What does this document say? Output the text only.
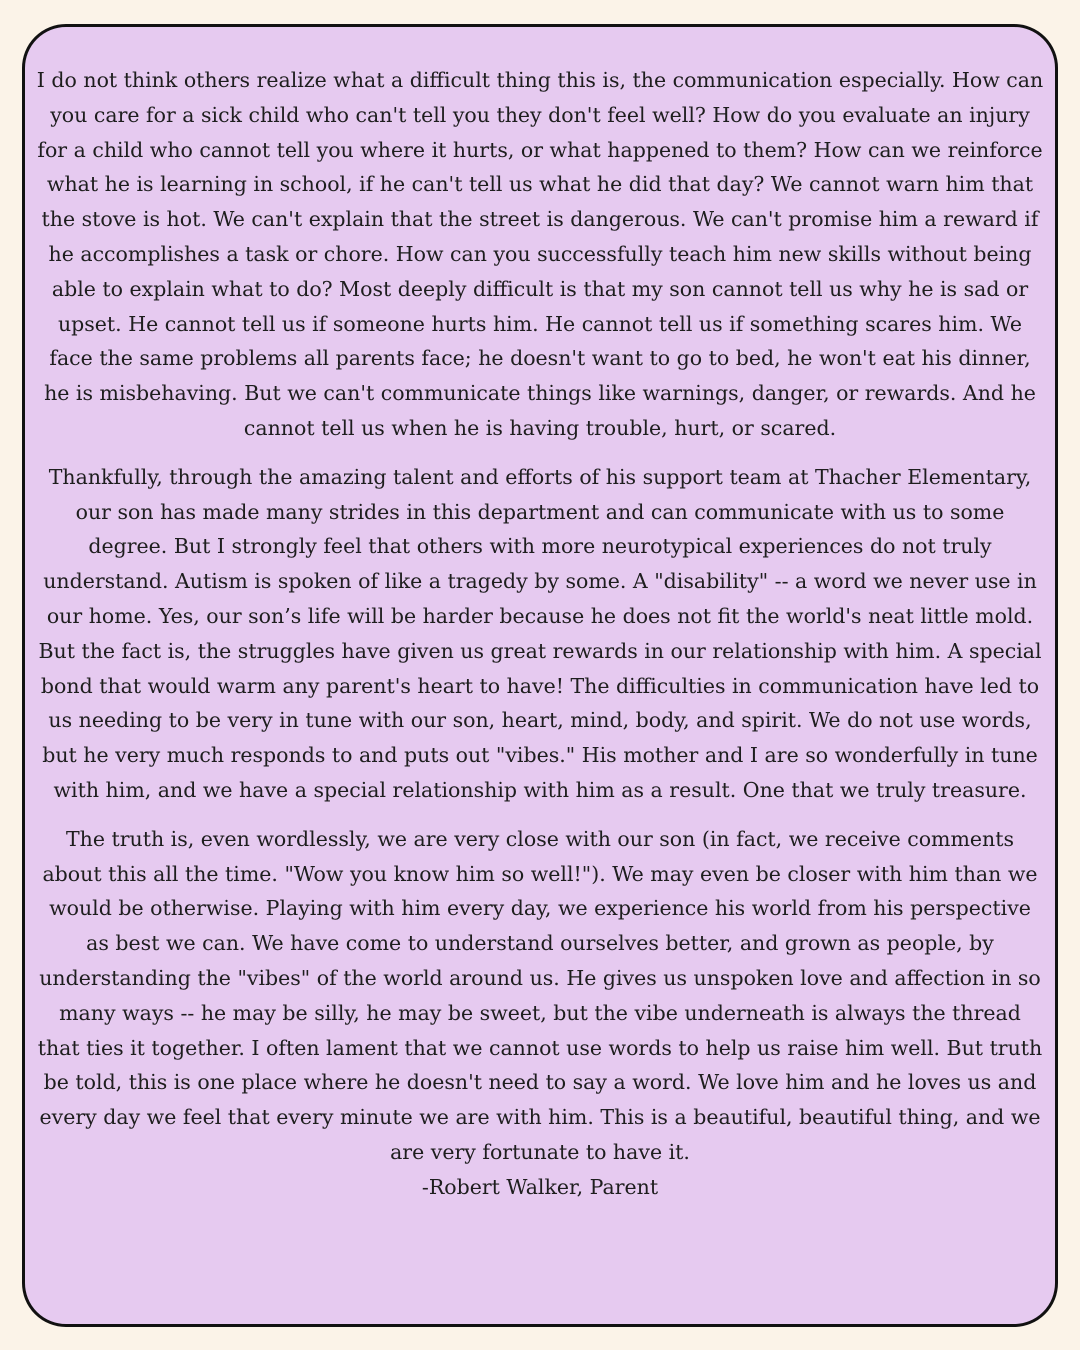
I do not think others realize what a difficult thing this is, the communication especially. How can you care for a sick child who can't tell you they don't feel well? How do you evaluate an injury for a child who cannot tell you where it hurts, or what happened to them? How can we reinforce what he is learning in school, if he can't tell us what he did that day? We cannot warn him that the stove is hot. We can't explain that the street is dangerous. We can't promise him a reward if he accomplishes a task or chore. How can you successfully teach him new skills without being able to explain what to do? Most deeply difficult is that my son cannot tell us why he is sad or upset. He cannot tell us if someone hurts him. He cannot tell us if something scares him. We face the same problems all parents face; he doesn't want to go to bed, he won't eat his dinner, he is misbehaving. But we can't communicate things like warnings, danger, or rewards. And he cannot tell us when he is having trouble, hurt, or scared.

Thankfully, through the amazing talent and efforts of his support team at Thacher Elementary, our son has made many strides in this department and can communicate with us to some degree. But I strongly feel that others with more neurotypical experiences do not truly understand. Autism is spoken of like a tragedy by some. A "disability" -- a word we never use in our home. Yes, our son’s life will be harder because he does not fit the world's neat little mold. But the fact is, the struggles have given us great rewards in our relationship with him. A special bond that would warm any parent's heart to have! The difficulties in communication have led to us needing to be very in tune with our son, heart, mind, body, and spirit. We do not use words, but he very much responds to and puts out "vibes." His mother and I are so wonderfully in tune with him, and we have a special relationship with him as a result. One that we truly treasure.

The truth is, even wordlessly, we are very close with our son (in fact, we receive comments about this all the time. "Wow you know him so well!"). We may even be closer with him than we would be otherwise. Playing with him every day, we experience his world from his perspective as best we can. We have come to understand ourselves better, and grown as people, by understanding the "vibes" of the world around us. He gives us unspoken love and affection in so many ways -- he may be silly, he may be sweet, but the vibe underneath is always the thread that ties it together. I often lament that we cannot use words to help us raise him well. But truth be told, this is one place where he doesn't need to say a word. We love him and he loves us and every day we feel that every minute we are with him. This is a beautiful, beautiful thing, and we are very fortunate to have it.

-Robert Walker, Parent
